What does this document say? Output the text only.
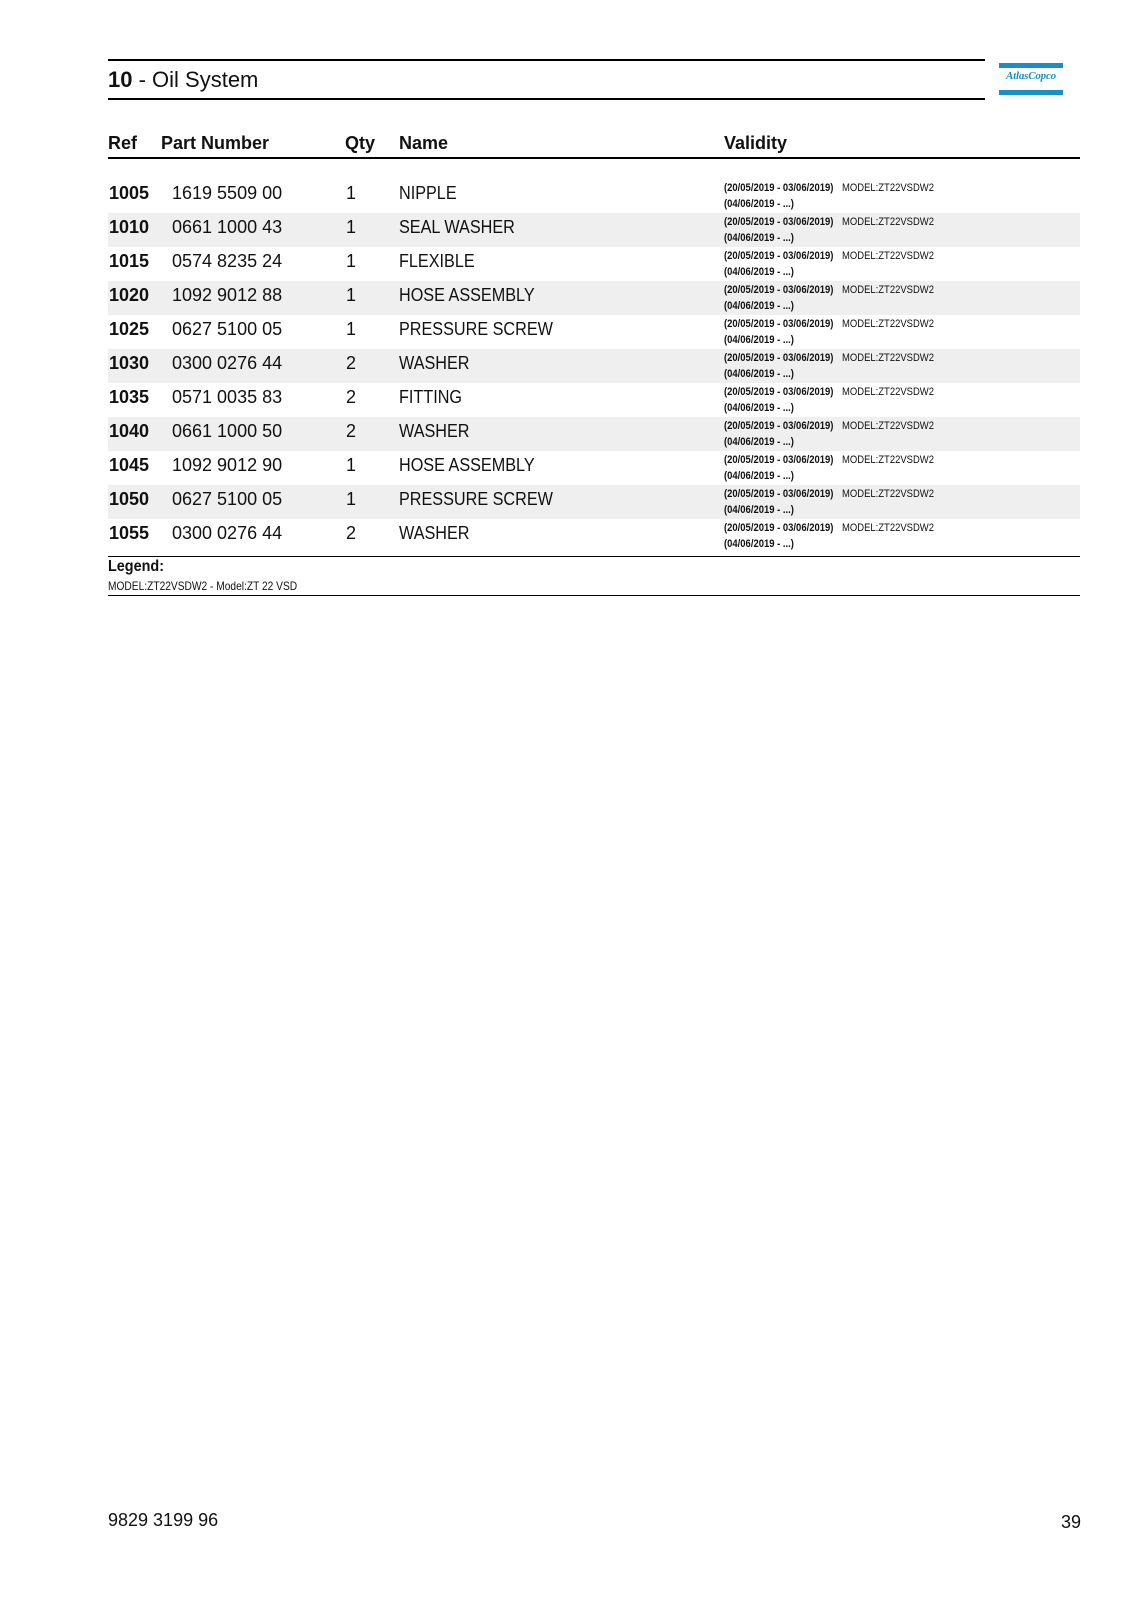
10 - Oil System	AtlasCopco
Ref Part Number	Qty Name	Validity
1005 1619 5509 00	1 NIPPLE	(20/05/2019 - 03/06/2019) MODEL:ZT22VSDW2
(04/06/2019 - ...)
1010 0661 1000 43	1 SEAL WASHER	(20/05/2019 - 03/06/2019) MODEL:ZT22VSDW2
(04/06/2019 - ...)
1015 0574 8235 24	1 FLEXIBLE	(20/05/2019 - 03/06/2019) MODEL:ZT22VSDW2
(04/06/2019 - ...)
1020 1092 9012 88	1 HOSE ASSEMBLY	(20/05/2019 - 03/06/2019) MODEL:ZT22VSDW2
(04/06/2019 - ...)
1025 0627 5100 05	1 PRESSURE SCREW	(20/05/2019 - 03/06/2019) MODEL:ZT22VSDW2
(04/06/2019 - ...)
1030 0300 0276 44	2 WASHER	(20/05/2019 - 03/06/2019) MODEL:ZT22VSDW2
(04/06/2019 - ...)
1035 0571 0035 83	2 FITTING	(20/05/2019 - 03/06/2019) MODEL:ZT22VSDW2
(04/06/2019 - ...)
1040 0661 1000 50	2 WASHER	(20/05/2019 - 03/06/2019) MODEL:ZT22VSDW2
(04/06/2019 - ...)
1045 1092 9012 90	1 HOSE ASSEMBLY	(20/05/2019 - 03/06/2019) MODEL:ZT22VSDW2
(04/06/2019 - ...)
1050 0627 5100 05	1 PRESSURE SCREW	(20/05/2019 - 03/06/2019) MODEL:ZT22VSDW2
(04/06/2019 - ...)
1055 0300 0276 44	2 WASHER	(20/05/2019 - 03/06/2019) MODEL:ZT22VSDW2
(04/06/2019 - ...)
Legend:
MODEL:ZT22VSDW2 - Model:ZT 22 VSD
9829 3199 96	39
